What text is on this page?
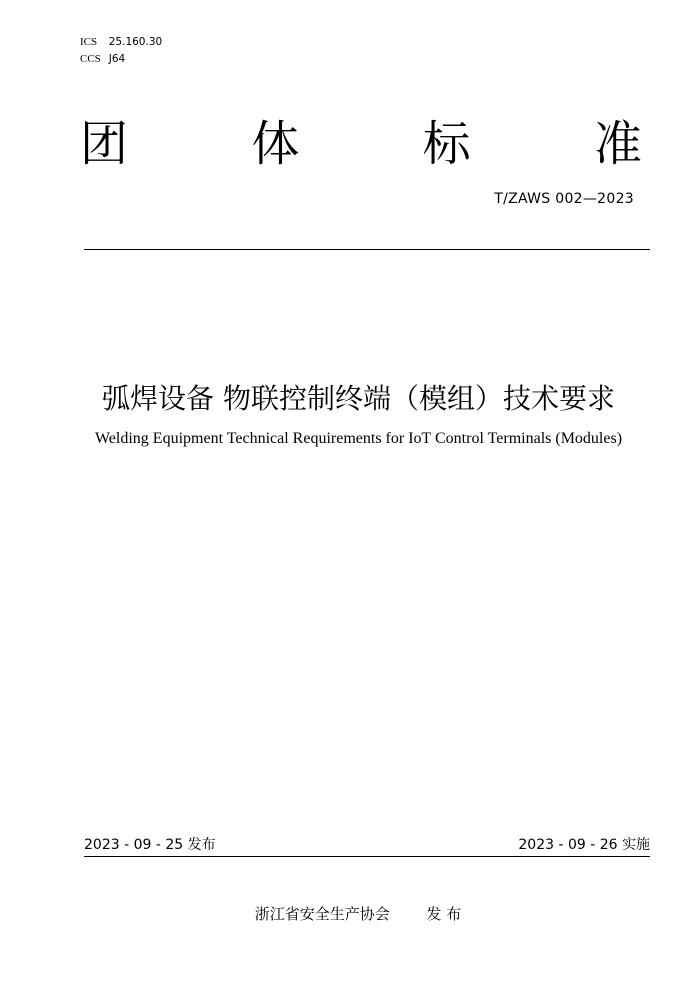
ICS 25.160.30
CCS J64
团	体	标	准
T/ZAWS 002—2023
弧焊设备 物联控制终端（模组）技术要求
Welding Equipment Technical Requirements for IoT Control Terminals (Modules)
2023 - 09 - 25 发布	2023 - 09 - 26 实施
浙江省安全生产协会 发 布
